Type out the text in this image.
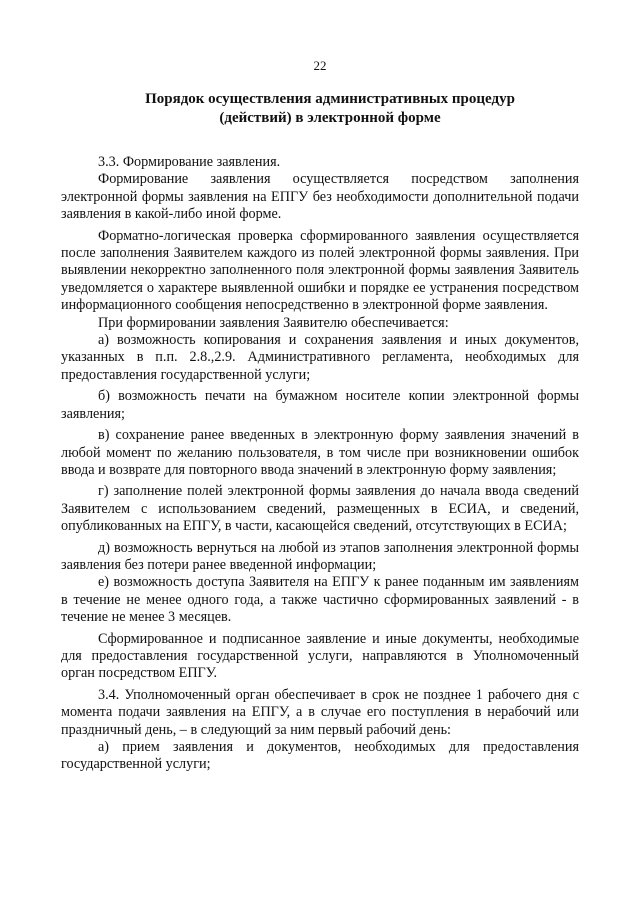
22
Порядок осуществления административных процедур
(действий) в электронной форме

3.3. Формирование заявления.

Формирование заявления осуществляется посредством заполнения электронной формы заявления на ЕПГУ без необходимости дополнительной подачи заявления в какой-либо иной форме.

Форматно-логическая проверка сформированного заявления осуществляется после заполнения Заявителем каждого из полей электронной формы заявления. При выявлении некорректно заполненного поля электронной формы заявления Заявитель уведомляется о характере выявленной ошибки и порядке ее устранения посредством информационного сообщения непосредственно в электронной форме заявления.

При формировании заявления Заявителю обеспечивается:

а) возможность копирования и сохранения заявления и иных документов, указанных в п.п. 2.8.,2.9. Административного регламента, необходимых для предоставления государственной услуги;

б) возможность печати на бумажном носителе копии электронной формы заявления;

в) сохранение ранее введенных в электронную форму заявления значений в любой момент по желанию пользователя, в том числе при возникновении ошибок ввода и возврате для повторного ввода значений в электронную форму заявления;

г) заполнение полей электронной формы заявления до начала ввода сведений Заявителем с использованием сведений, размещенных в ЕСИА, и сведений, опубликованных на ЕПГУ, в части, касающейся сведений, отсутствующих в ЕСИА;

д) возможность вернуться на любой из этапов заполнения электронной формы заявления без потери ранее введенной информации;

е) возможность доступа Заявителя на ЕПГУ к ранее поданным им заявлениям в течение не менее одного года, а также частично сформированных заявлений - в течение не менее 3 месяцев.

Сформированное и подписанное заявление и иные документы, необходимые для предоставления государственной услуги, направляются в Уполномоченный орган посредством ЕПГУ.

3.4. Уполномоченный орган обеспечивает в срок не позднее 1 рабочего дня с момента подачи заявления на ЕПГУ, а в случае его поступления в нерабочий или праздничный день, – в следующий за ним первый рабочий день:

а) прием заявления и документов, необходимых для предоставления государственной услуги;
